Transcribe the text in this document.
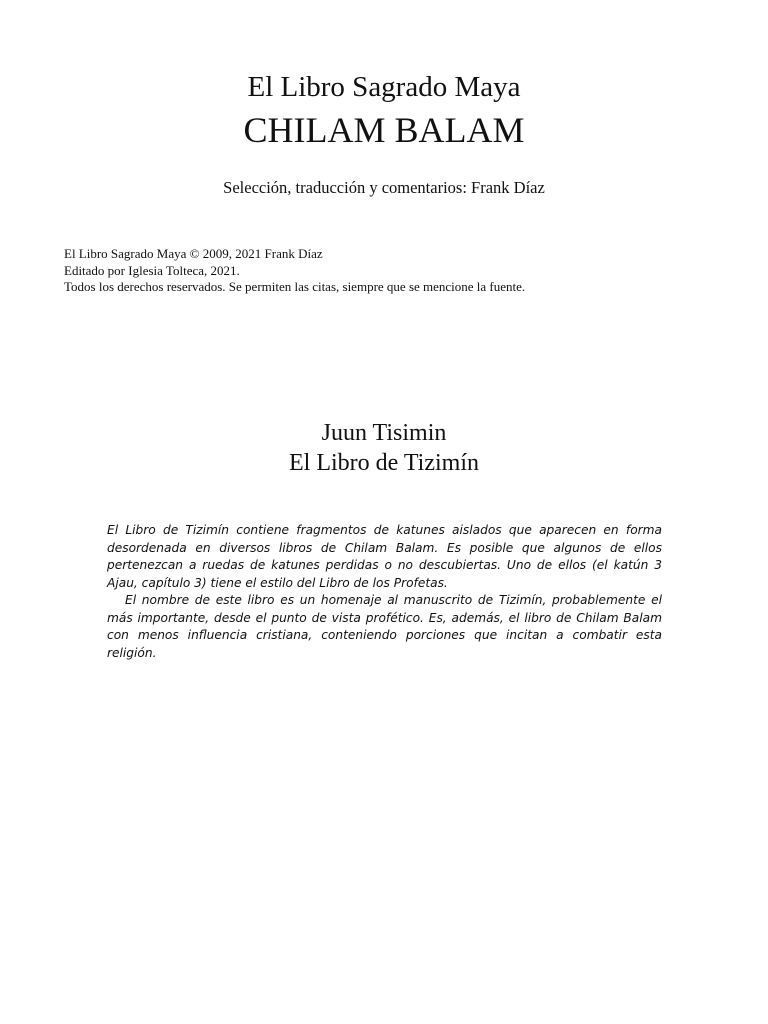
El Libro Sagrado Maya
CHILAM BALAM

Selección, traducción y comentarios: Frank Díaz

El Libro Sagrado Maya © 2009, 2021 Frank Díaz
Editado por Iglesia Tolteca, 2021.
Todos los derechos reservados. Se permiten las citas, siempre que se mencione la fuente.
Juun Tisimin
El Libro de Tizimín

El Libro de Tizimín contiene fragmentos de katunes aislados que aparecen en forma desordenada en diversos libros de Chilam Balam. Es posible que algunos de ellos pertenezcan a ruedas de katunes perdidas o no descubiertas. Uno de ellos (el katún 3 Ajau, capítulo 3) tiene el estilo del Libro de los Profetas.

El nombre de este libro es un homenaje al manuscrito de Tizimín, probablemente el más importante, desde el punto de vista profético. Es, además, el libro de Chilam Balam con menos influencia cristiana, conteniendo porciones que incitan a combatir esta religión.
